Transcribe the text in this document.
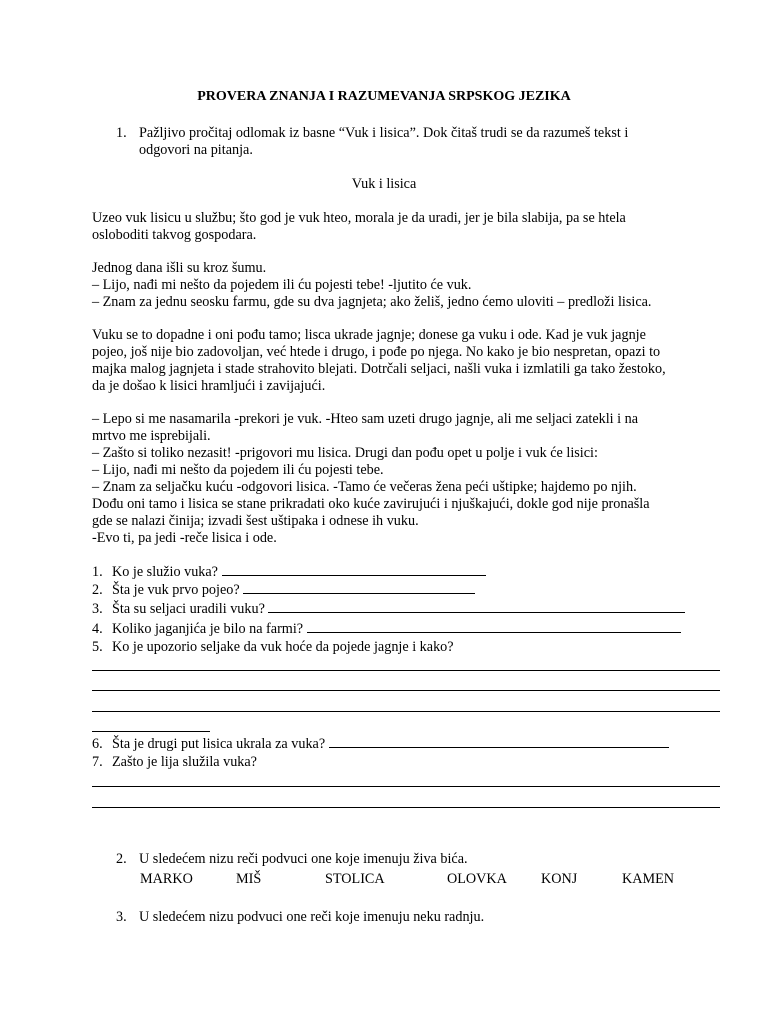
PROVERA ZNANJA I RAZUMEVANJA SRPSKOG JEZIKA
1. Pažljivo pročitaj odlomak iz basne “Vuk i lisica”. Dok čitaš trudi se da razumeš tekst i
odgovori na pitanja.
Vuk i lisica
Uzeo vuk lisicu u službu; što god je vuk hteo, morala je da uradi, jer je bila slabija, pa se htela
osloboditi takvog gospodara.
Jednog dana išli su kroz šumu.
– Lijo, nađi mi nešto da pojedem ili ću pojesti tebe! -ljutito će vuk.
– Znam za jednu seosku farmu, gde su dva jagnjeta; ako želiš, jedno ćemo uloviti – predloži lisica.
Vuku se to dopadne i oni pođu tamo; lisca ukrade jagnje; donese ga vuku i ode. Kad je vuk jagnje
pojeo, još nije bio zadovoljan, već htede i drugo, i pođe po njega. No kako je bio nespretan, opazi to
majka malog jagnjeta i stade strahovito blejati. Dotrčali seljaci, našli vuka i izmlatili ga tako žestoko,
da je došao k lisici hramljući i zavijajući.
– Lepo si me nasamarila -prekori je vuk. -Hteo sam uzeti drugo jagnje, ali me seljaci zatekli i na
mrtvo me isprebijali.
– Zašto si toliko nezasit! -prigovori mu lisica. Drugi dan pođu opet u polje i vuk će lisici:
– Lijo, nađi mi nešto da pojedem ili ću pojesti tebe.
– Znam za seljačku kuću -odgovori lisica. -Tamo će večeras žena peći uštipke; hajdemo po njih.
Dođu oni tamo i lisica se stane prikradati oko kuće zavirujući i njuškajući, dokle god nije pronašla
gde se nalazi činija; izvadi šest uštipaka i odnese ih vuku.
-Evo ti, pa jedi -reče lisica i ode.
1. Ko je služio vuka?
2. Šta je vuk prvo pojeo?
3. Šta su seljaci uradili vuku?
4. Koliko jaganjića je bilo na farmi?
5. Ko je upozorio seljake da vuk hoće da pojede jagnje i kako?
6. Šta je drugi put lisica ukrala za vuka?
7. Zašto je lija služila vuka?
2. U sledećem nizu reči podvuci one koje imenuju živa bića.
MARKO	MIŠ	STOLICA	OLOVKA KONJ	KAMEN
3. U sledećem nizu podvuci one reči koje imenuju neku radnju.
